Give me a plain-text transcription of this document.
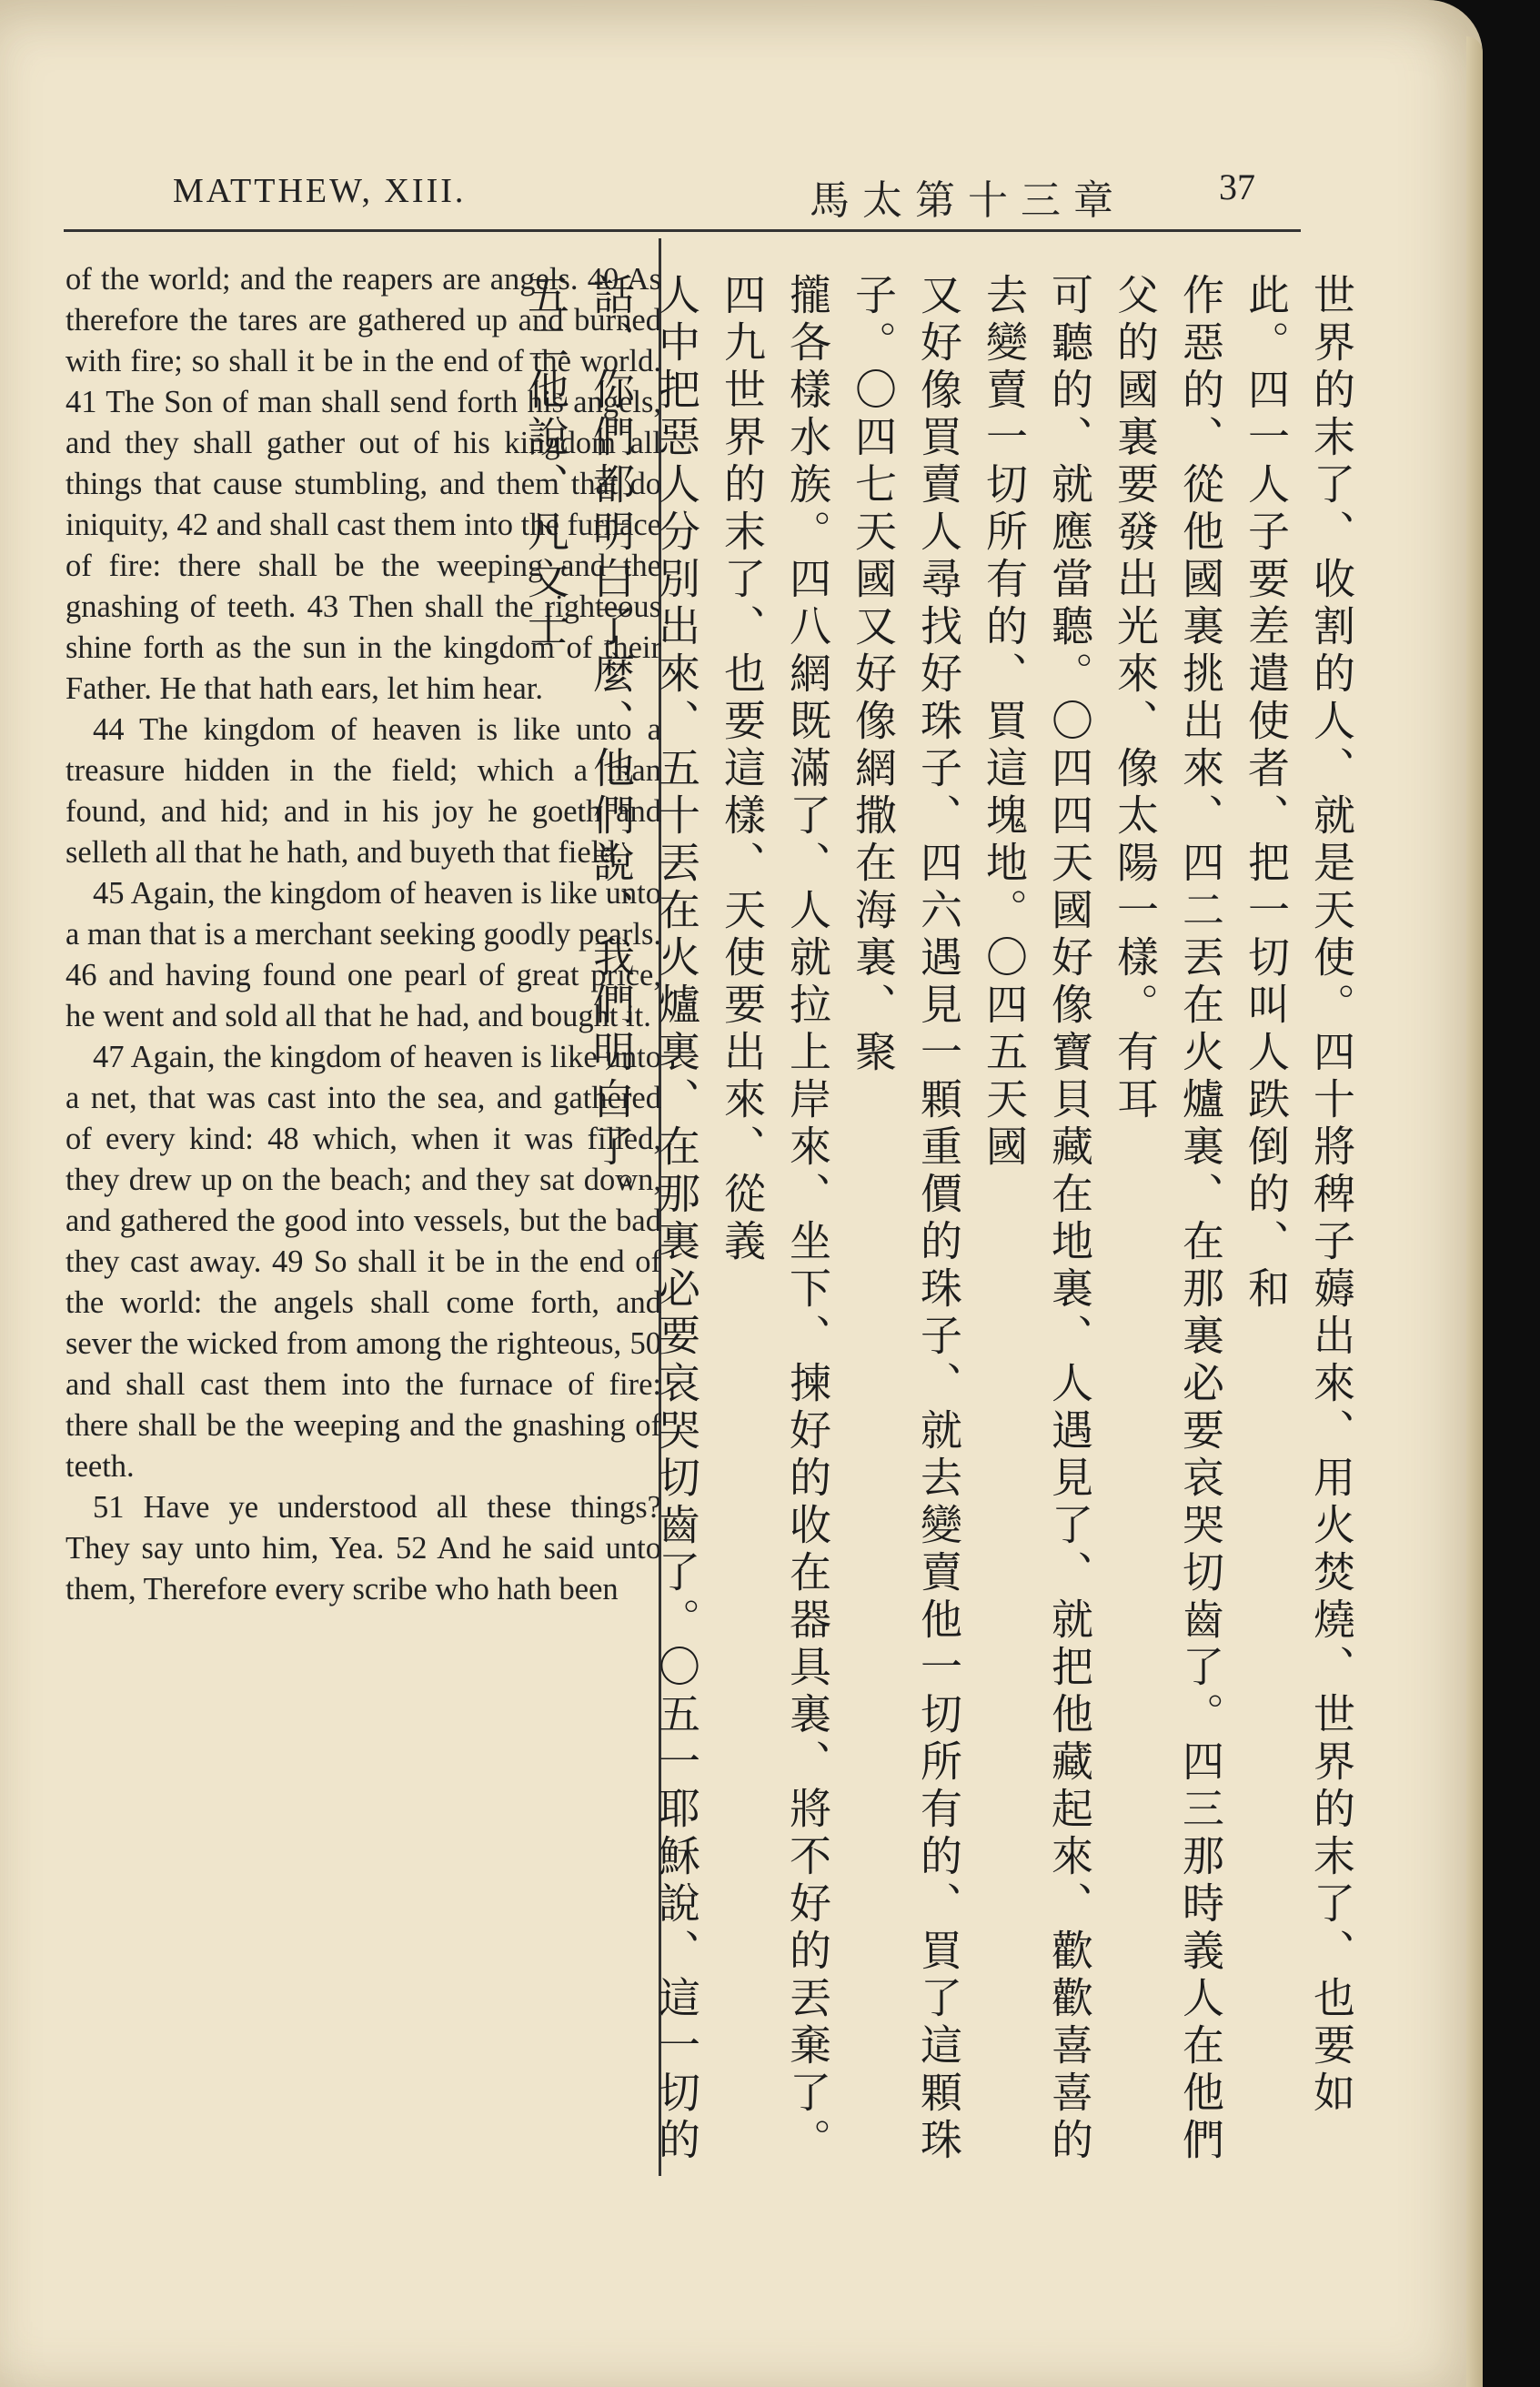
MATTHEW, XIII.	馬太第十三章	37

of the world; and the reapers are angels. 40 As therefore the tares are gathered up and burned with fire; so shall it be in the end of the world. 41 The Son of man shall send forth his angels, and they shall gather out of his kingdom all things that cause stumbling, and them that do iniquity, 42 and shall cast them into the furnace of fire: there shall be the weeping and the gnashing of teeth. 43 Then shall the righteous shine forth as the sun in the kingdom of their Father. He that hath ears, let him hear.

44 The kingdom of heaven is like unto a treasure hidden in the field; which a man found, and hid; and in his joy he goeth and selleth all that he hath, and buyeth that field.

45 Again, the kingdom of heaven is like unto a man that is a merchant seeking goodly pearls. 46 and having found one pearl of great price, he went and sold all that he had, and bought it.

47 Again, the kingdom of heaven is like unto a net, that was cast into the sea, and gathered of every kind: 48 which, when it was filled, they drew up on the beach; and they sat down, and gathered the good into vessels, but the bad they cast away. 49 So shall it be in the end of the world: the angels shall come forth, and sever the wicked from among the righteous, 50 and shall cast them into the furnace of fire: there shall be the weeping and the gnashing of teeth.

51 Have ye understood all these things? They say unto him, Yea. 52 And he said unto them, Therefore every scribe who hath been	世界的末了、收割的人、就是天使。四十將稗子薅出來、用火焚燒、世界的末了、也要如此。四一人子要差遣使者、把一切叫人跌倒的、和
作惡的、從他國裏挑出來、四二丟在火爐裏、在那裏必要哀哭切齒了。四三那時義人在他們父的國裏要發出光來、像太陽一樣。有耳
可聽的、就應當聽。〇四四天國好像寶貝藏在地裏、人遇見了、就把他藏起來、歡歡喜喜的去變賣一切所有的、買這塊地。〇四五天國
又好像買賣人尋找好珠子、四六遇見一顆重價的珠子、就去變賣他一切所有的、買了這顆珠子。〇四七天國又好像網撒在海裏、聚
攏各樣水族。四八網既滿了、人就拉上岸來、坐下、揀好的收在器具裏、將不好的丟棄了。四九世界的末了、也要這樣、天使要出來、從義
人中把惡人分別出來、五十丟在火爐裏、在那裏必要哀哭切齒了。〇五一耶穌說、這一切的話、你們都明白了麼、他們說、我們明白了。
五二他說、凡文士
